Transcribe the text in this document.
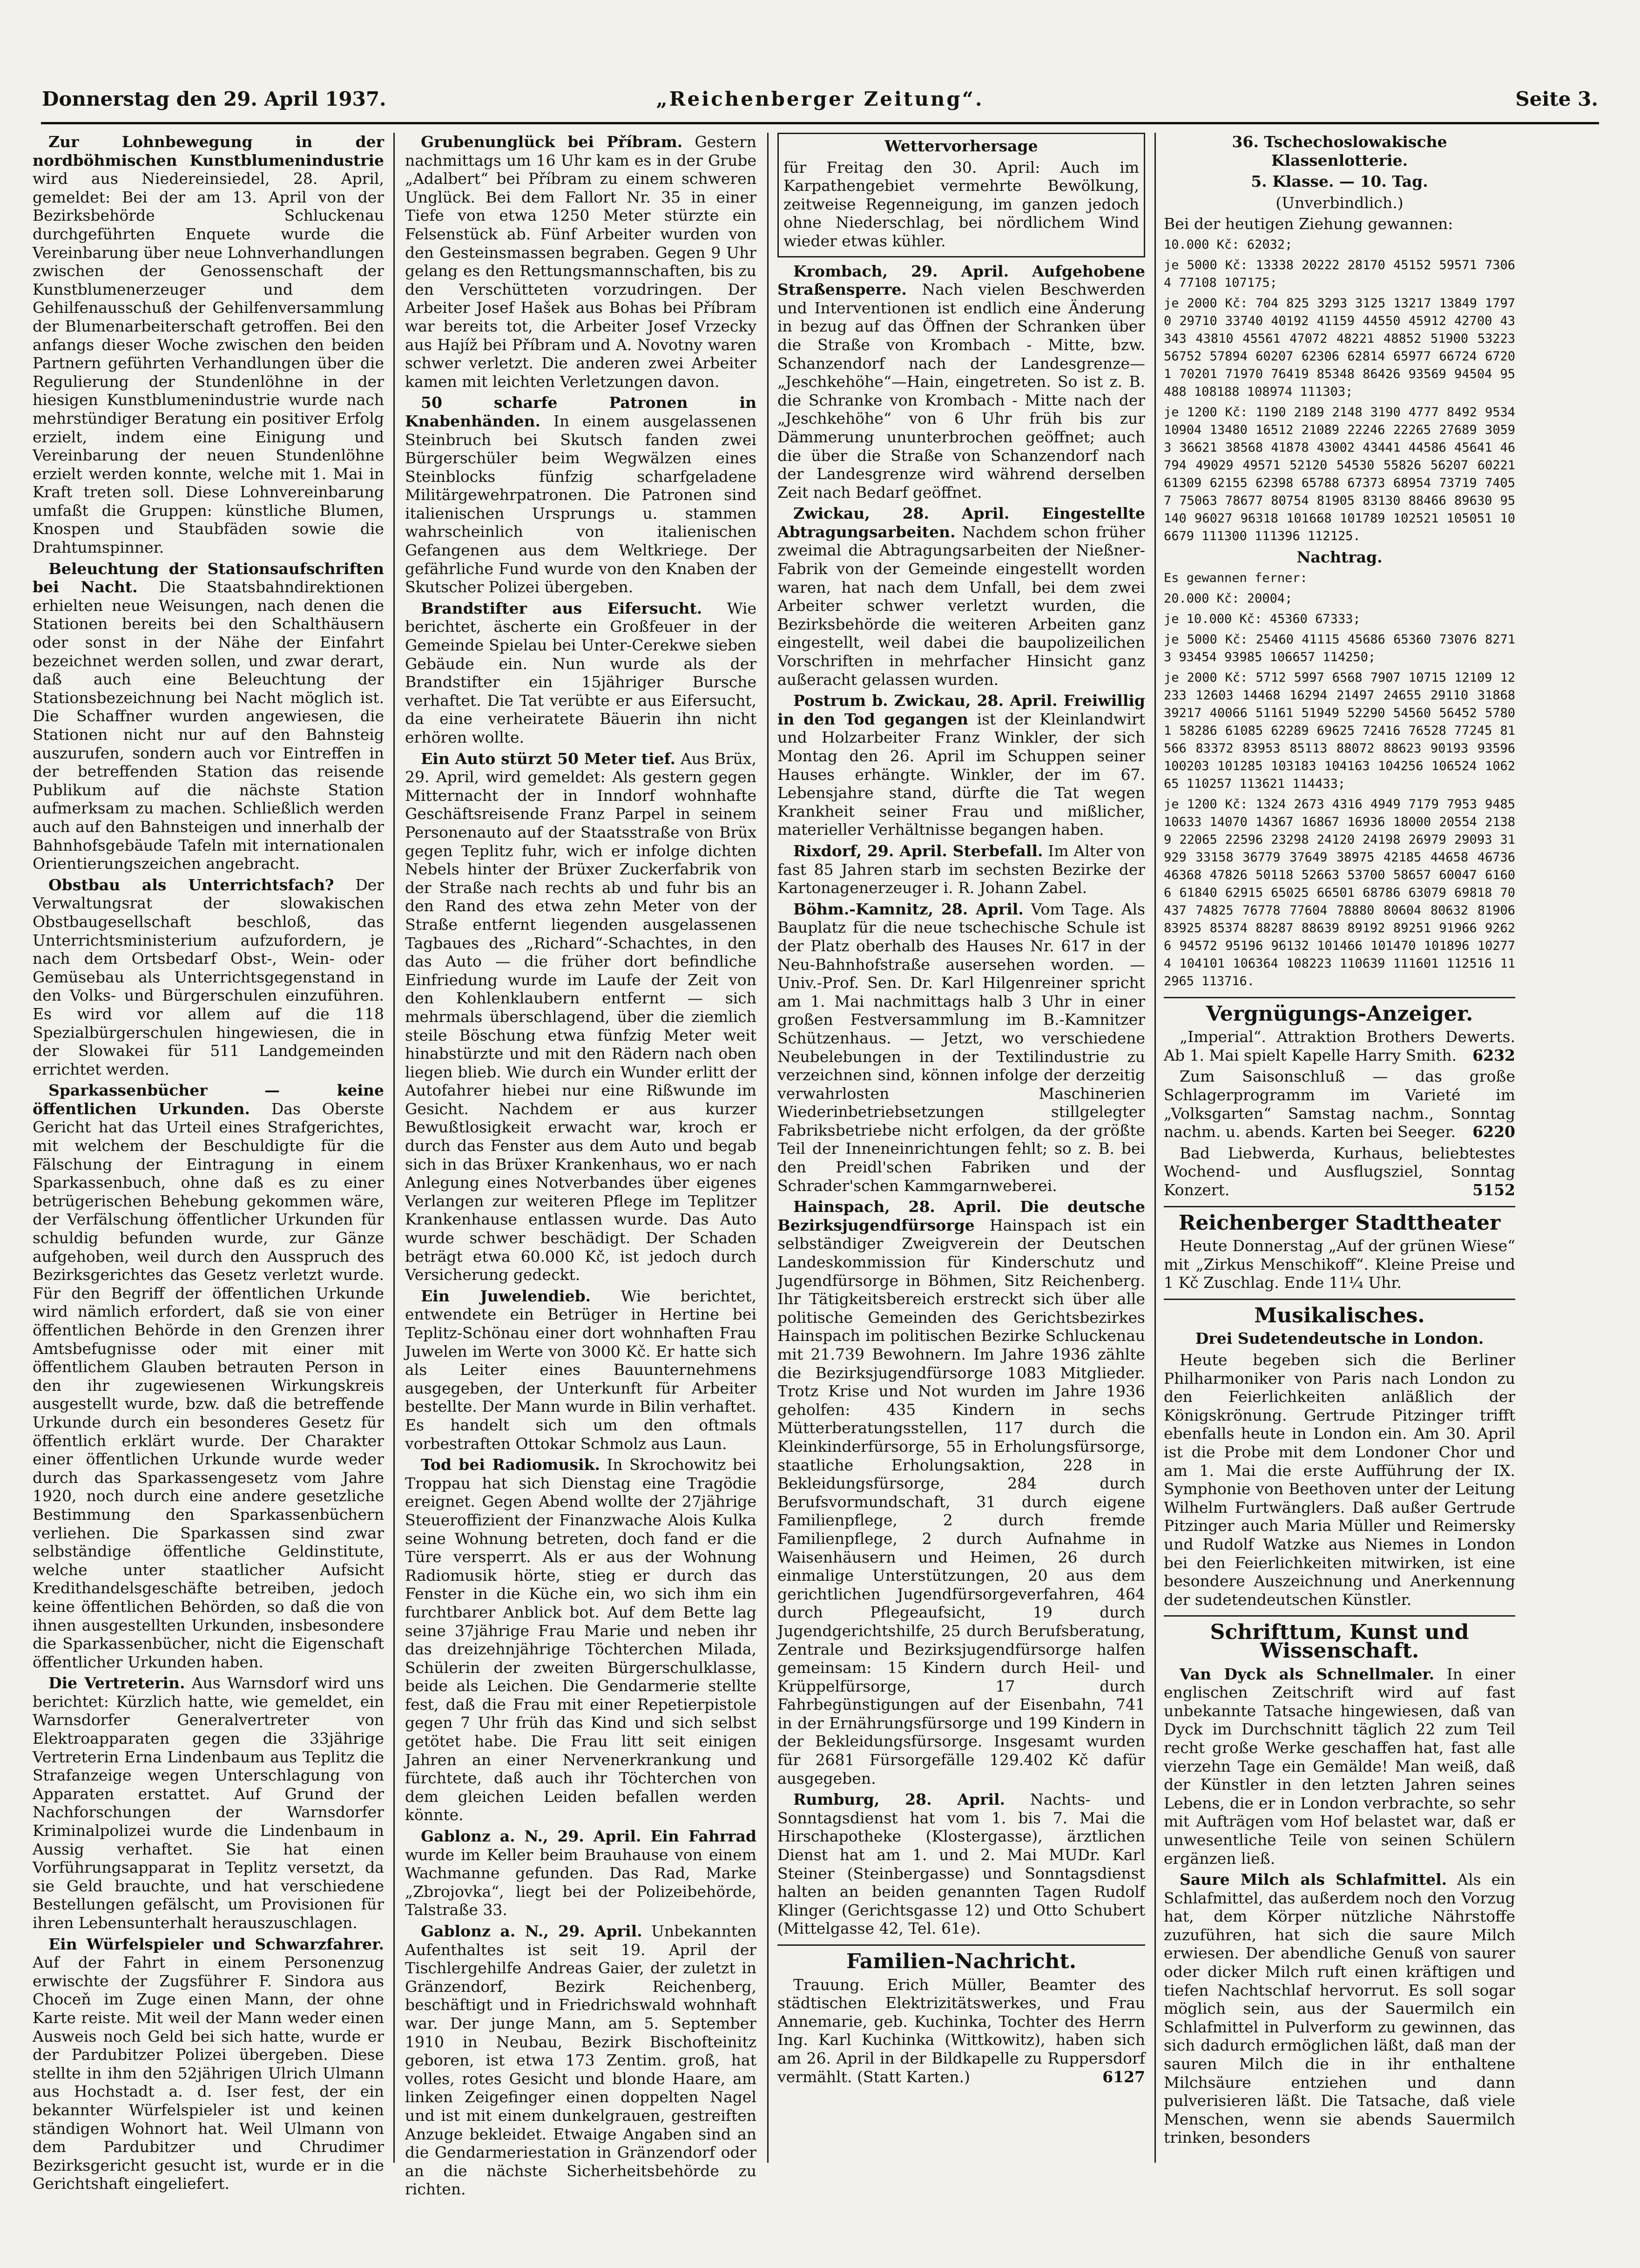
Donnerstag den 29. April 1937.	„Reichenberger Zeitung“.	Seite 3.

Zur Lohnbewegung in der nordböhmischen Kunstblumenindustrie wird aus Niedereinsiedel, 28. April, gemeldet: Bei der am 13. April von der Bezirksbehörde Schluckenau durchgeführten Enquete wurde die Vereinbarung über neue Lohnverhandlungen zwischen der Genossenschaft der Kunstblumenerzeuger und dem Gehilfenausschuß der Gehilfenversammlung der Blumenarbeiterschaft getroffen. Bei den anfangs dieser Woche zwischen den beiden Partnern geführten Verhandlungen über die Regulierung der Stundenlöhne in der hiesigen Kunstblumenindustrie wurde nach mehrstündiger Beratung ein positiver Erfolg erzielt, indem eine Einigung und Vereinbarung der neuen Stundenlöhne erzielt werden konnte, welche mit 1. Mai in Kraft treten soll. Diese Lohnvereinbarung umfaßt die Gruppen: künstliche Blumen, Knospen und Staubfäden sowie die Drahtumspinner.

Beleuchtung der Stationsaufschriften bei Nacht. Die Staatsbahndirektionen erhielten neue Weisungen, nach denen die Stationen bereits bei den Schalthäusern oder sonst in der Nähe der Einfahrt bezeichnet werden sollen, und zwar derart, daß auch eine Beleuchtung der Stationsbezeichnung bei Nacht möglich ist. Die Schaffner wurden angewiesen, die Stationen nicht nur auf den Bahnsteig auszurufen, sondern auch vor Eintreffen in der betreffenden Station das reisende Publikum auf die nächste Station aufmerksam zu machen. Schließlich werden auch auf den Bahnsteigen und innerhalb der Bahnhofsgebäude Tafeln mit internationalen Orientierungszeichen angebracht.

Obstbau als Unterrichtsfach? Der Verwaltungsrat der slowakischen Obstbaugesellschaft beschloß, das Unterrichtsministerium aufzufordern, je nach dem Ortsbedarf Obst-, Wein- oder Gemüsebau als Unterrichtsgegenstand in den Volks- und Bürgerschulen einzuführen. Es wird vor allem auf die 118 Spezialbürgerschulen hingewiesen, die in der Slowakei für 511 Landgemeinden errichtet werden.

Sparkassenbücher — keine öffentlichen Urkunden. Das Oberste Gericht hat das Urteil eines Strafgerichtes, mit welchem der Beschuldigte für die Fälschung der Eintragung in einem Sparkassenbuch, ohne daß es zu einer betrügerischen Behebung gekommen wäre, der Verfälschung öffentlicher Urkunden für schuldig befunden wurde, zur Gänze aufgehoben, weil durch den Ausspruch des Bezirksgerichtes das Gesetz verletzt wurde. Für den Begriff der öffentlichen Urkunde wird nämlich erfordert, daß sie von einer öffentlichen Behörde in den Grenzen ihrer Amtsbefugnisse oder mit einer mit öffentlichem Glauben betrauten Person in den ihr zugewiesenen Wirkungskreis ausgestellt wurde, bzw. daß die betreffende Urkunde durch ein besonderes Gesetz für öffentlich erklärt wurde. Der Charakter einer öffentlichen Urkunde wurde weder durch das Sparkassengesetz vom Jahre 1920, noch durch eine andere gesetzliche Bestimmung den Sparkassenbüchern verliehen. Die Sparkassen sind zwar selbständige öffentliche Geldinstitute, welche unter staatlicher Aufsicht Kredithandelsgeschäfte betreiben, jedoch keine öffentlichen Behörden, so daß die von ihnen ausgestellten Urkunden, insbesondere die Sparkassenbücher, nicht die Eigenschaft öffentlicher Urkunden haben.

Die Vertreterin. Aus Warnsdorf wird uns berichtet: Kürzlich hatte, wie gemeldet, ein Warnsdorfer Generalvertreter von Elektroapparaten gegen die 33jährige Vertreterin Erna Lindenbaum aus Teplitz die Strafanzeige wegen Unterschlagung von Apparaten erstattet. Auf Grund der Nachforschungen der Warnsdorfer Kriminalpolizei wurde die Lindenbaum in Aussig verhaftet. Sie hat einen Vorführungsapparat in Teplitz versetzt, da sie Geld brauchte, und hat verschiedene Bestellungen gefälscht, um Provisionen für ihren Lebensunterhalt herauszuschlagen.

Ein Würfelspieler und Schwarzfahrer. Auf der Fahrt in einem Personenzug erwischte der Zugsführer F. Sindora aus Choceň im Zuge einen Mann, der ohne Karte reiste. Mit weil der Mann weder einen Ausweis noch Geld bei sich hatte, wurde er der Pardubitzer Polizei übergeben. Diese stellte in ihm den 52jährigen Ulrich Ulmann aus Hochstadt a. d. Iser fest, der ein bekannter Würfelspieler ist und keinen ständigen Wohnort hat. Weil Ulmann von dem Pardubitzer und Chrudimer Bezirksgericht gesucht ist, wurde er in die Gerichtshaft eingeliefert.

Grubenunglück bei Příbram. Gestern nachmittags um 16 Uhr kam es in der Grube „Adalbert“ bei Příbram zu einem schweren Unglück. Bei dem Fallort Nr. 35 in einer Tiefe von etwa 1250 Meter stürzte ein Felsenstück ab. Fünf Arbeiter wurden von den Gesteinsmassen begraben. Gegen 9 Uhr gelang es den Rettungsmannschaften, bis zu den Verschütteten vorzudringen. Der Arbeiter Josef Hašek aus Bohas bei Příbram war bereits tot, die Arbeiter Josef Vrzecky aus Hajíž bei Příbram und A. Novotny waren schwer verletzt. Die anderen zwei Arbeiter kamen mit leichten Verletzungen davon.

50 scharfe Patronen in Knabenhänden. In einem ausgelassenen Steinbruch bei Skutsch fanden zwei Bürgerschüler beim Wegwälzen eines Steinblocks fünfzig scharfgeladene Militärgewehrpatronen. Die Patronen sind italienischen Ursprungs u. stammen wahrscheinlich von italienischen Gefangenen aus dem Weltkriege. Der gefährliche Fund wurde von den Knaben der Skutscher Polizei übergeben.

Brandstifter aus Eifersucht. Wie berichtet, äscherte ein Großfeuer in der Gemeinde Spielau bei Unter-Cerekwe sieben Gebäude ein. Nun wurde als der Brandstifter ein 15jähriger Bursche verhaftet. Die Tat verübte er aus Eifersucht, da eine verheiratete Bäuerin ihn nicht erhören wollte.

Ein Auto stürzt 50 Meter tief. Aus Brüx, 29. April, wird gemeldet: Als gestern gegen Mitternacht der in Inndorf wohnhafte Geschäftsreisende Franz Parpel in seinem Personenauto auf der Staatsstraße von Brüx gegen Teplitz fuhr, wich er infolge dichten Nebels hinter der Brüxer Zuckerfabrik von der Straße nach rechts ab und fuhr bis an den Rand des etwa zehn Meter von der Straße entfernt liegenden ausgelassenen Tagbaues des „Richard“-Schachtes, in den das Auto — die früher dort befindliche Einfriedung wurde im Laufe der Zeit von den Kohlenklaubern entfernt — sich mehrmals überschlagend, über die ziemlich steile Böschung etwa fünfzig Meter weit hinabstürzte und mit den Rädern nach oben liegen blieb. Wie durch ein Wunder erlitt der Autofahrer hiebei nur eine Rißwunde im Gesicht. Nachdem er aus kurzer Bewußtlosigkeit erwacht war, kroch er durch das Fenster aus dem Auto und begab sich in das Brüxer Krankenhaus, wo er nach Anlegung eines Notverbandes über eigenes Verlangen zur weiteren Pflege im Teplitzer Krankenhause entlassen wurde. Das Auto wurde schwer beschädigt. Der Schaden beträgt etwa 60.000 Kč, ist jedoch durch Versicherung gedeckt.

Ein Juwelendieb. Wie berichtet, entwendete ein Betrüger in Hertine bei Teplitz-Schönau einer dort wohnhaften Frau Juwelen im Werte von 3000 Kč. Er hatte sich als Leiter eines Bauunternehmens ausgegeben, der Unterkunft für Arbeiter bestellte. Der Mann wurde in Bilin verhaftet. Es handelt sich um den oftmals vorbestraften Ottokar Schmolz aus Laun.

Tod bei Radiomusik. In Skrochowitz bei Troppau hat sich Dienstag eine Tragödie ereignet. Gegen Abend wollte der 27jährige Steueroffizient der Finanzwache Alois Kulka seine Wohnung betreten, doch fand er die Türe versperrt. Als er aus der Wohnung Radiomusik hörte, stieg er durch das Fenster in die Küche ein, wo sich ihm ein furchtbarer Anblick bot. Auf dem Bette lag seine 37jährige Frau Marie und neben ihr das dreizehnjährige Töchterchen Milada, Schülerin der zweiten Bürgerschulklasse, beide als Leichen. Die Gendarmerie stellte fest, daß die Frau mit einer Repetierpistole gegen 7 Uhr früh das Kind und sich selbst getötet habe. Die Frau litt seit einigen Jahren an einer Nervenerkrankung und fürchtete, daß auch ihr Töchterchen von dem gleichen Leiden befallen werden könnte.

Gablonz a. N., 29. April. Ein Fahrrad wurde im Keller beim Brauhause von einem Wachmanne gefunden. Das Rad, Marke „Zbrojovka“, liegt bei der Polizeibehörde, Talstraße 33.

Gablonz a. N., 29. April. Unbekannten Aufenthaltes ist seit 19. April der Tischlergehilfe Andreas Gaier, der zuletzt in Gränzendorf, Bezirk Reichenberg, beschäftigt und in Friedrichswald wohnhaft war. Der junge Mann, am 5. September 1910 in Neubau, Bezirk Bischofteinitz geboren, ist etwa 173 Zentim. groß, hat volles, rotes Gesicht und blonde Haare, am linken Zeigefinger einen doppelten Nagel und ist mit einem dunkelgrauen, gestreiften Anzuge bekleidet. Etwaige Angaben sind an die Gendarmeriestation in Gränzendorf oder an die nächste Sicherheitsbehörde zu richten.

Wettervorhersage

für Freitag den 30. April: Auch im Karpathengebiet vermehrte Bewölkung, zeitweise Regenneigung, im ganzen jedoch ohne Niederschlag, bei nördlichem Wind wieder etwas kühler.

Krombach, 29. April. Aufgehobene Straßensperre. Nach vielen Beschwerden und Interventionen ist endlich eine Änderung in bezug auf das Öffnen der Schranken über die Straße von Krombach - Mitte, bzw. Schanzendorf nach der Landesgrenze—„Jeschkehöhe“—Hain, eingetreten. So ist z. B. die Schranke von Krombach - Mitte nach der „Jeschkehöhe“ von 6 Uhr früh bis zur Dämmerung ununterbrochen geöffnet; auch die über die Straße von Schanzendorf nach der Landesgrenze wird während derselben Zeit nach Bedarf geöffnet.

Zwickau, 28. April. Eingestellte Abtragungsarbeiten. Nachdem schon früher zweimal die Abtragungsarbeiten der Nießner-Fabrik von der Gemeinde eingestellt worden waren, hat nach dem Unfall, bei dem zwei Arbeiter schwer verletzt wurden, die Bezirksbehörde die weiteren Arbeiten ganz eingestellt, weil dabei die baupolizeilichen Vorschriften in mehrfacher Hinsicht ganz außeracht gelassen wurden.

Postrum b. Zwickau, 28. April. Freiwillig in den Tod gegangen ist der Kleinlandwirt und Holzarbeiter Franz Winkler, der sich Montag den 26. April im Schuppen seiner Hauses erhängte. Winkler, der im 67. Lebensjahre stand, dürfte die Tat wegen Krankheit seiner Frau und mißlicher, materieller Verhältnisse begangen haben.

Rixdorf, 29. April. Sterbefall. Im Alter von fast 85 Jahren starb im sechsten Bezirke der Kartonagenerzeuger i. R. Johann Zabel.

Böhm.-Kamnitz, 28. April. Vom Tage. Als Bauplatz für die neue tschechische Schule ist der Platz oberhalb des Hauses Nr. 617 in der Neu-Bahnhofstraße ausersehen worden. — Univ.-Prof. Sen. Dr. Karl Hilgenreiner spricht am 1. Mai nachmittags halb 3 Uhr in einer großen Festversammlung im B.-Kamnitzer Schützenhaus. — Jetzt, wo verschiedene Neubelebungen in der Textilindustrie zu verzeichnen sind, können infolge der derzeitig verwahrlosten Maschinerien Wiederinbetriebsetzungen stillgelegter Fabriksbetriebe nicht erfolgen, da der größte Teil der Inneneinrichtungen fehlt; so z. B. bei den Preidl'schen Fabriken und der Schrader'schen Kammgarnweberei.

Hainspach, 28. April. Die deutsche Bezirksjugendfürsorge Hainspach ist ein selbständiger Zweigverein der Deutschen Landeskommission für Kinderschutz und Jugendfürsorge in Böhmen, Sitz Reichenberg. Ihr Tätigkeitsbereich erstreckt sich über alle politische Gemeinden des Gerichtsbezirkes Hainspach im politischen Bezirke Schluckenau mit 21.739 Bewohnern. Im Jahre 1936 zählte die Bezirksjugendfürsorge 1083 Mitglieder. Trotz Krise und Not wurden im Jahre 1936 geholfen: 435 Kindern in sechs Mütterberatungsstellen, 117 durch die Kleinkinderfürsorge, 55 in Erholungsfürsorge, staatliche Erholungsaktion, 228 in Bekleidungsfürsorge, 284 durch Berufsvormundschaft, 31 durch eigene Familienpflege, 2 durch fremde Familienpflege, 2 durch Aufnahme in Waisenhäusern und Heimen, 26 durch einmalige Unterstützungen, 20 aus dem gerichtlichen Jugendfürsorgeverfahren, 464 durch Pflegeaufsicht, 19 durch Jugendgerichtshilfe, 25 durch Berufsberatung, Zentrale und Bezirksjugendfürsorge halfen gemeinsam: 15 Kindern durch Heil- und Krüppelfürsorge, 17 durch Fahrbegünstigungen auf der Eisenbahn, 741 in der Ernährungsfürsorge und 199 Kindern in der Bekleidungsfürsorge. Insgesamt wurden für 2681 Fürsorgefälle 129.402 Kč dafür ausgegeben.

Rumburg, 28. April. Nachts- und Sonntagsdienst hat vom 1. bis 7. Mai die Hirschapotheke (Klostergasse), ärztlichen Dienst hat am 1. und 2. Mai MUDr. Karl Steiner (Steinbergasse) und Sonntagsdienst halten an beiden genannten Tagen Rudolf Klinger (Gerichtsgasse 12) und Otto Schubert (Mittelgasse 42, Tel. 61e).

Familien-Nachricht.

Trauung. Erich Müller, Beamter des städtischen Elektrizitätswerkes, und Frau Annemarie, geb. Kuchinka, Tochter des Herrn Ing. Karl Kuchinka (Wittkowitz), haben sich am 26. April in der Bildkapelle zu Ruppersdorf vermählt. (Statt Karten.)	6127

36. Tschechoslowakische Klassenlotterie.

5. Klasse. — 10. Tag.

(Unverbindlich.)

Bei der heutigen Ziehung gewannen:

10.000 Kč: 62032;

je 5000 Kč: 13338 20222 28170 45152 59571 73064 77108 107175;

je 2000 Kč: 704 825 3293 3125 13217 13849 17970 29710 33740 40192 41159 44550 45912 42700 43343 43810 45561 47072 48221 48852 51900 53223 56752 57894 60207 62306 62814 65977 66724 67201 70201 71970 76419 85348 86426 93569 94504 95488 108188 108974 111303;

je 1200 Kč: 1190 2189 2148 3190 4777 8492 9534 10904 13480 16512 21089 22246 22265 27689 30593 36621 38568 41878 43002 43441 44586 45641 46794 49029 49571 52120 54530 55826 56207 60221 61309 62155 62398 65788 67373 68954 73719 74057 75063 78677 80754 81905 83130 88466 89630 95140 96027 96318 101668 101789 102521 105051 106679 111300 111396 112125.

Nachtrag.

Es gewannen ferner:

20.000 Kč: 20004;

je 10.000 Kč: 45360 67333;

je 5000 Kč: 25460 41115 45686 65360 73076 82713 93454 93985 106657 114250;

je 2000 Kč: 5712 5997 6568 7907 10715 12109 12233 12603 14468 16294 21497 24655 29110 31868 39217 40066 51161 51949 52290 54560 56452 57801 58286 61085 62289 69625 72416 76528 77245 81566 83372 83953 85113 88072 88623 90193 93596 100203 101285 103183 104163 104256 106524 106265 110257 113621 114433;

je 1200 Kč: 1324 2673 4316 4949 7179 7953 9485 10633 14070 14367 16867 16936 18000 20554 21389 22065 22596 23298 24120 24198 26979 29093 31929 33158 36779 37649 38975 42185 44658 46736 46368 47826 50118 52663 53700 58657 60047 61606 61840 62915 65025 66501 68786 63079 69818 70437 74825 76778 77604 78880 80604 80632 81906 83925 85374 88287 88639 89192 89251 91966 92626 94572 95196 96132 101466 101470 101896 102774 104101 106364 108223 110639 111601 112516 112965 113716.

Vergnügungs-Anzeiger.

„Imperial“. Attraktion Brothers Dewerts. Ab 1. Mai spielt Kapelle Harry Smith.	6232

Zum Saisonschluß — das große Schlagerprogramm im Varieté im „Volksgarten“ Samstag nachm., Sonntag nachm. u. abends. Karten bei Seeger.	6220

Bad Liebwerda, Kurhaus, beliebtestes Wochend- und Ausflugsziel, Sonntag Konzert.	5152

Reichenberger Stadttheater

Heute Donnerstag „Auf der grünen Wiese“ mit „Zirkus Menschikoff“. Kleine Preise und 1 Kč Zuschlag. Ende 11¼ Uhr.

Musikalisches.

Drei Sudetendeutsche in London.

Heute begeben sich die Berliner Philharmoniker von Paris nach London zu den Feierlichkeiten anläßlich der Königskrönung. Gertrude Pitzinger trifft ebenfalls heute in London ein. Am 30. April ist die Probe mit dem Londoner Chor und am 1. Mai die erste Aufführung der IX. Symphonie von Beethoven unter der Leitung Wilhelm Furtwänglers. Daß außer Gertrude Pitzinger auch Maria Müller und Reimersky und Rudolf Watzke aus Niemes in London bei den Feierlichkeiten mitwirken, ist eine besondere Auszeichnung und Anerkennung der sudetendeutschen Künstler.

Schrifttum, Kunst und Wissenschaft.

Van Dyck als Schnellmaler. In einer englischen Zeitschrift wird auf fast unbekannte Tatsache hingewiesen, daß van Dyck im Durchschnitt täglich 22 zum Teil recht große Werke geschaffen hat, fast alle vierzehn Tage ein Gemälde! Man weiß, daß der Künstler in den letzten Jahren seines Lebens, die er in London verbrachte, so sehr mit Aufträgen vom Hof belastet war, daß er unwesentliche Teile von seinen Schülern ergänzen ließ.

Saure Milch als Schlafmittel. Als ein Schlafmittel, das außerdem noch den Vorzug hat, dem Körper nützliche Nährstoffe zuzuführen, hat sich die saure Milch erwiesen. Der abendliche Genuß von saurer oder dicker Milch ruft einen kräftigen und tiefen Nachtschlaf hervorrut. Es soll sogar möglich sein, aus der Sauermilch ein Schlafmittel in Pulverform zu gewinnen, das sich dadurch ermöglichen läßt, daß man der sauren Milch die in ihr enthaltene Milchsäure entziehen und dann pulverisieren läßt. Die Tatsache, daß viele Menschen, wenn sie abends Sauermilch trinken, besonders
